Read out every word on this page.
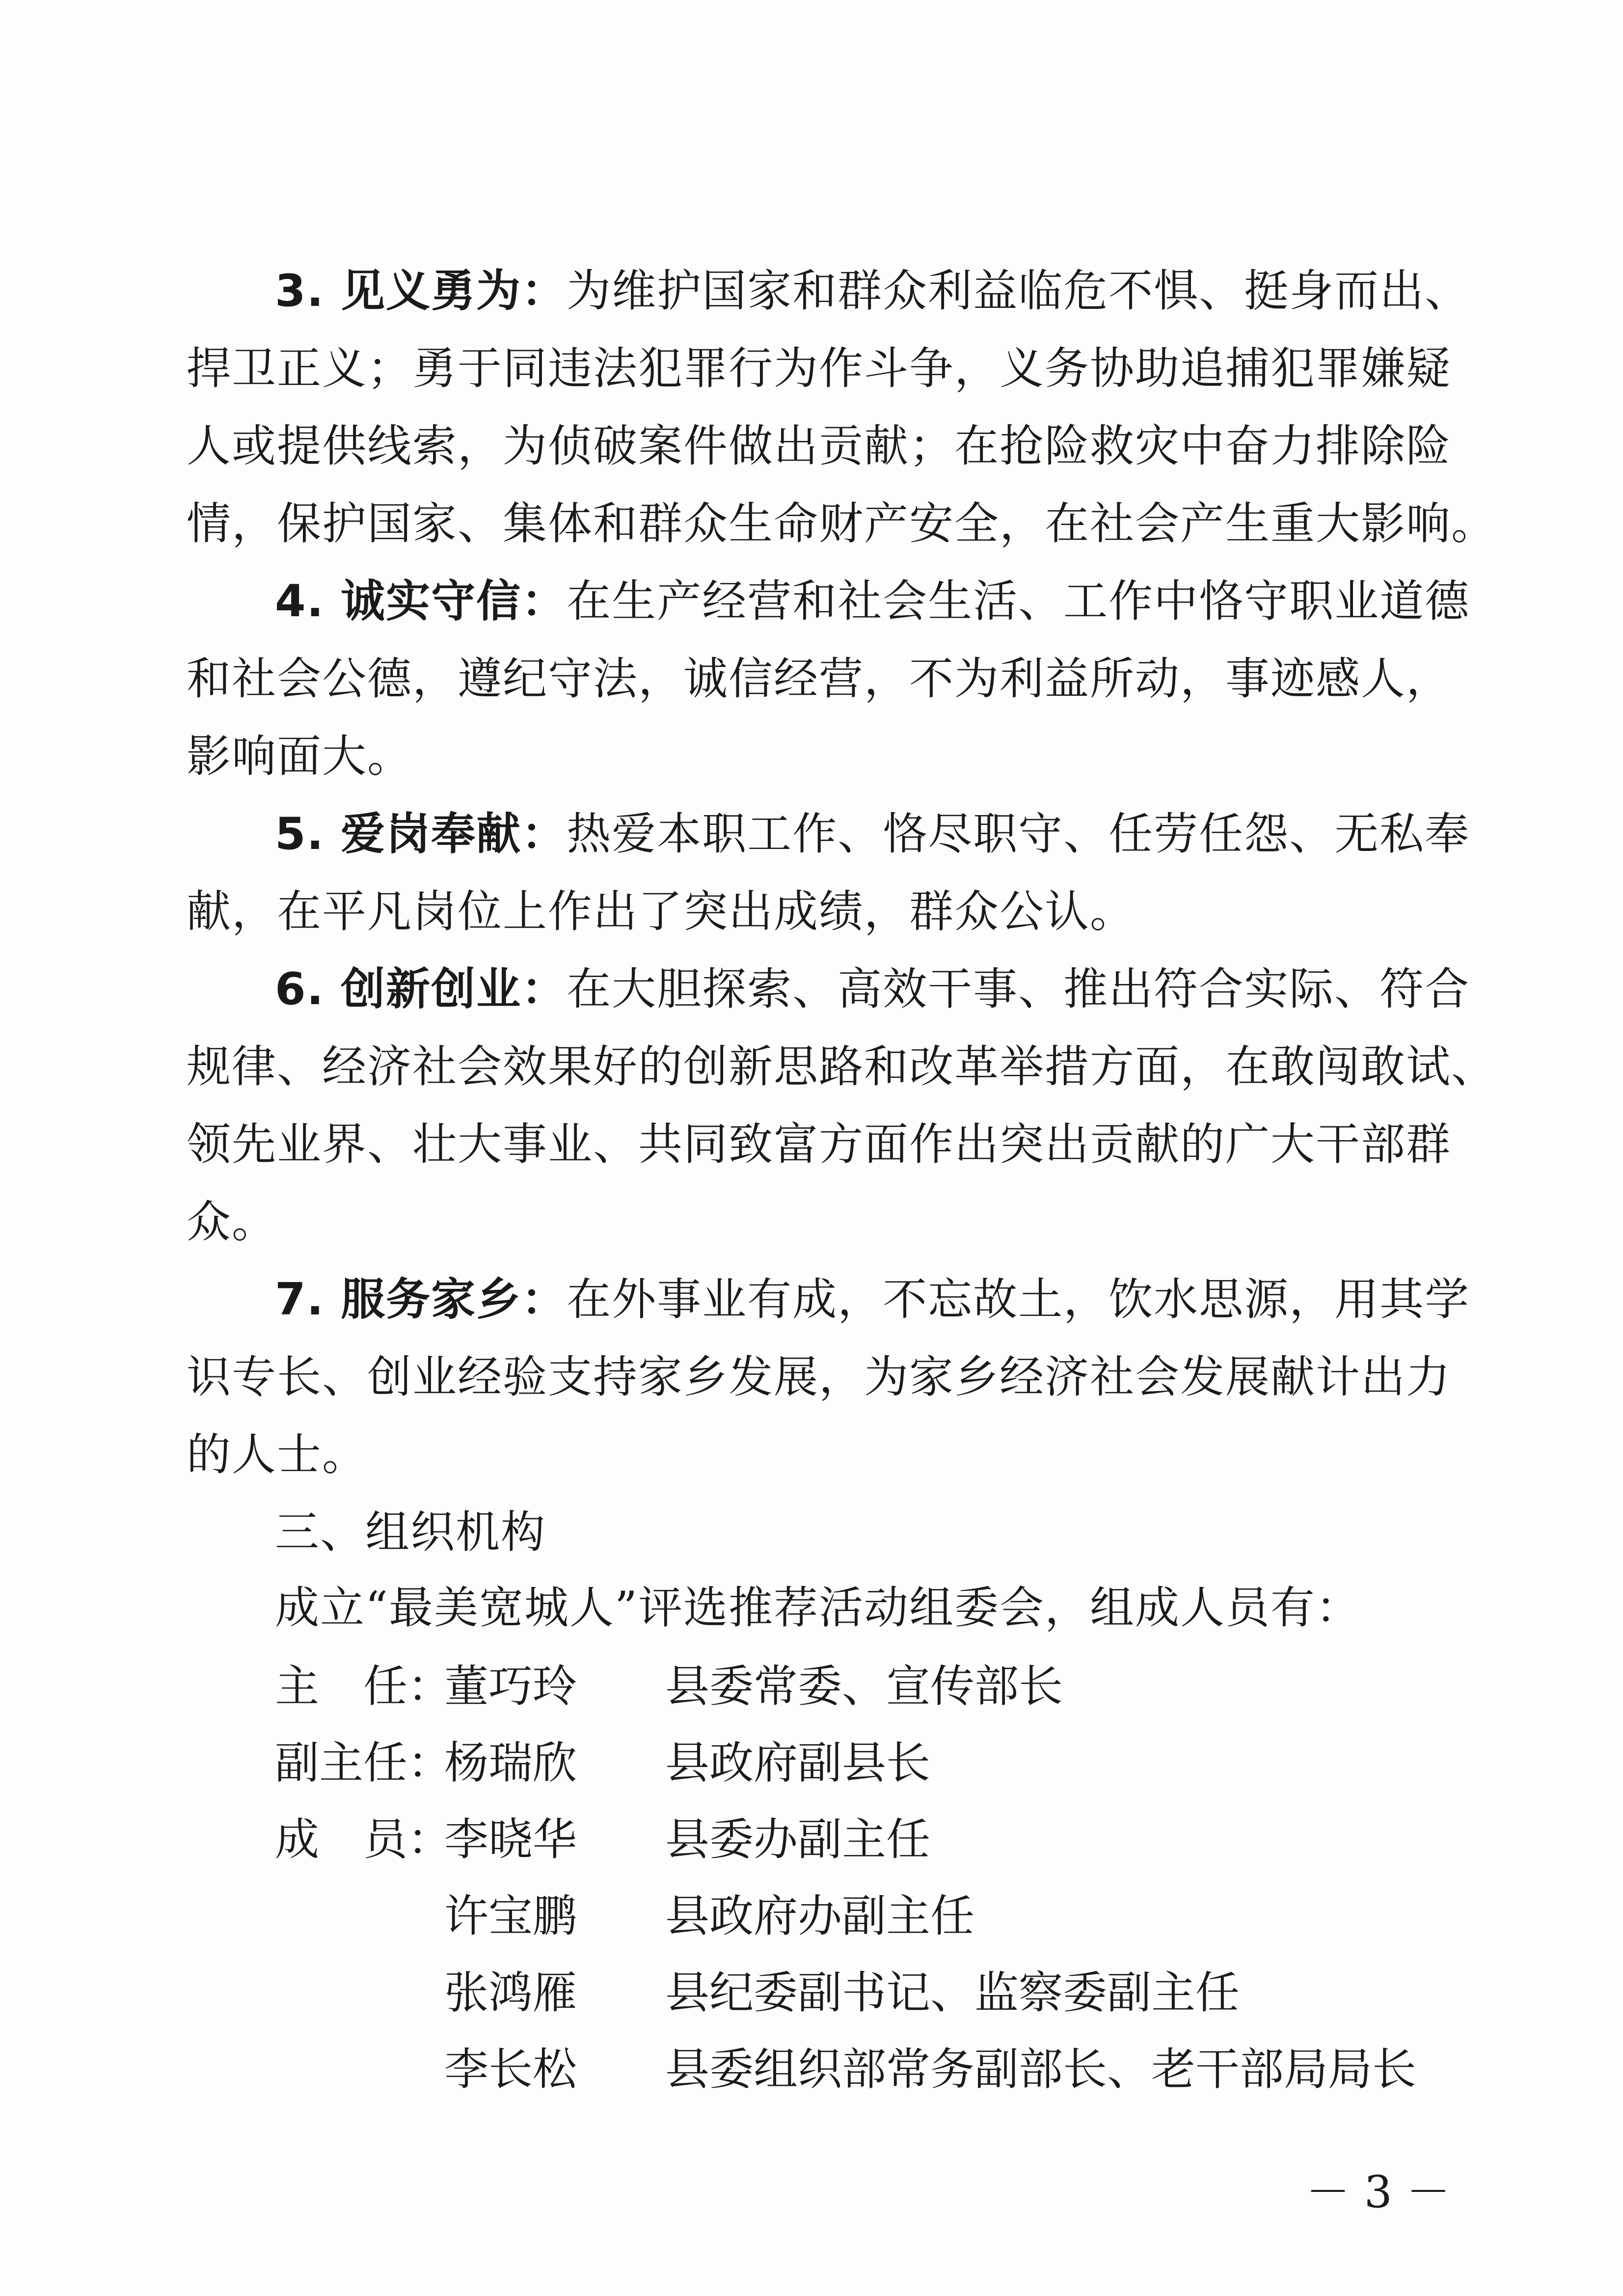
3. 见义勇为：为维护国家和群众利益临危不惧、挺身而出、
捍卫正义；勇于同违法犯罪行为作斗争，义务协助追捕犯罪嫌疑
人或提供线索，为侦破案件做出贡献；在抢险救灾中奋力排除险
情，保护国家、集体和群众生命财产安全，在社会产生重大影响。
4. 诚实守信：在生产经营和社会生活、工作中恪守职业道德
和社会公德，遵纪守法，诚信经营，不为利益所动，事迹感人，
影响面大。
5. 爱岗奉献：热爱本职工作、恪尽职守、任劳任怨、无私奉
献，在平凡岗位上作出了突出成绩，群众公认。
6. 创新创业：在大胆探索、高效干事、推出符合实际、符合
规律、经济社会效果好的创新思路和改革举措方面，在敢闯敢试、
领先业界、壮大事业、共同致富方面作出突出贡献的广大干部群
众。
7. 服务家乡：在外事业有成，不忘故土，饮水思源，用其学
识专长、创业经验支持家乡发展，为家乡经济社会发展献计出力
的人士。
三、组织机构
成立“最美宽城人”评选推荐活动组委会，组成人员有：
主　任：
董巧玲 县委常委、宣传部长
副主任：
杨瑞欣 县政府副县长
成　员：
李晓华 县委办副主任
许宝鹏 县政府办副主任
张鸿雁 县纪委副书记、监察委副主任
李长松 县委组织部常务副部长、老干部局局长
－ 3 －
